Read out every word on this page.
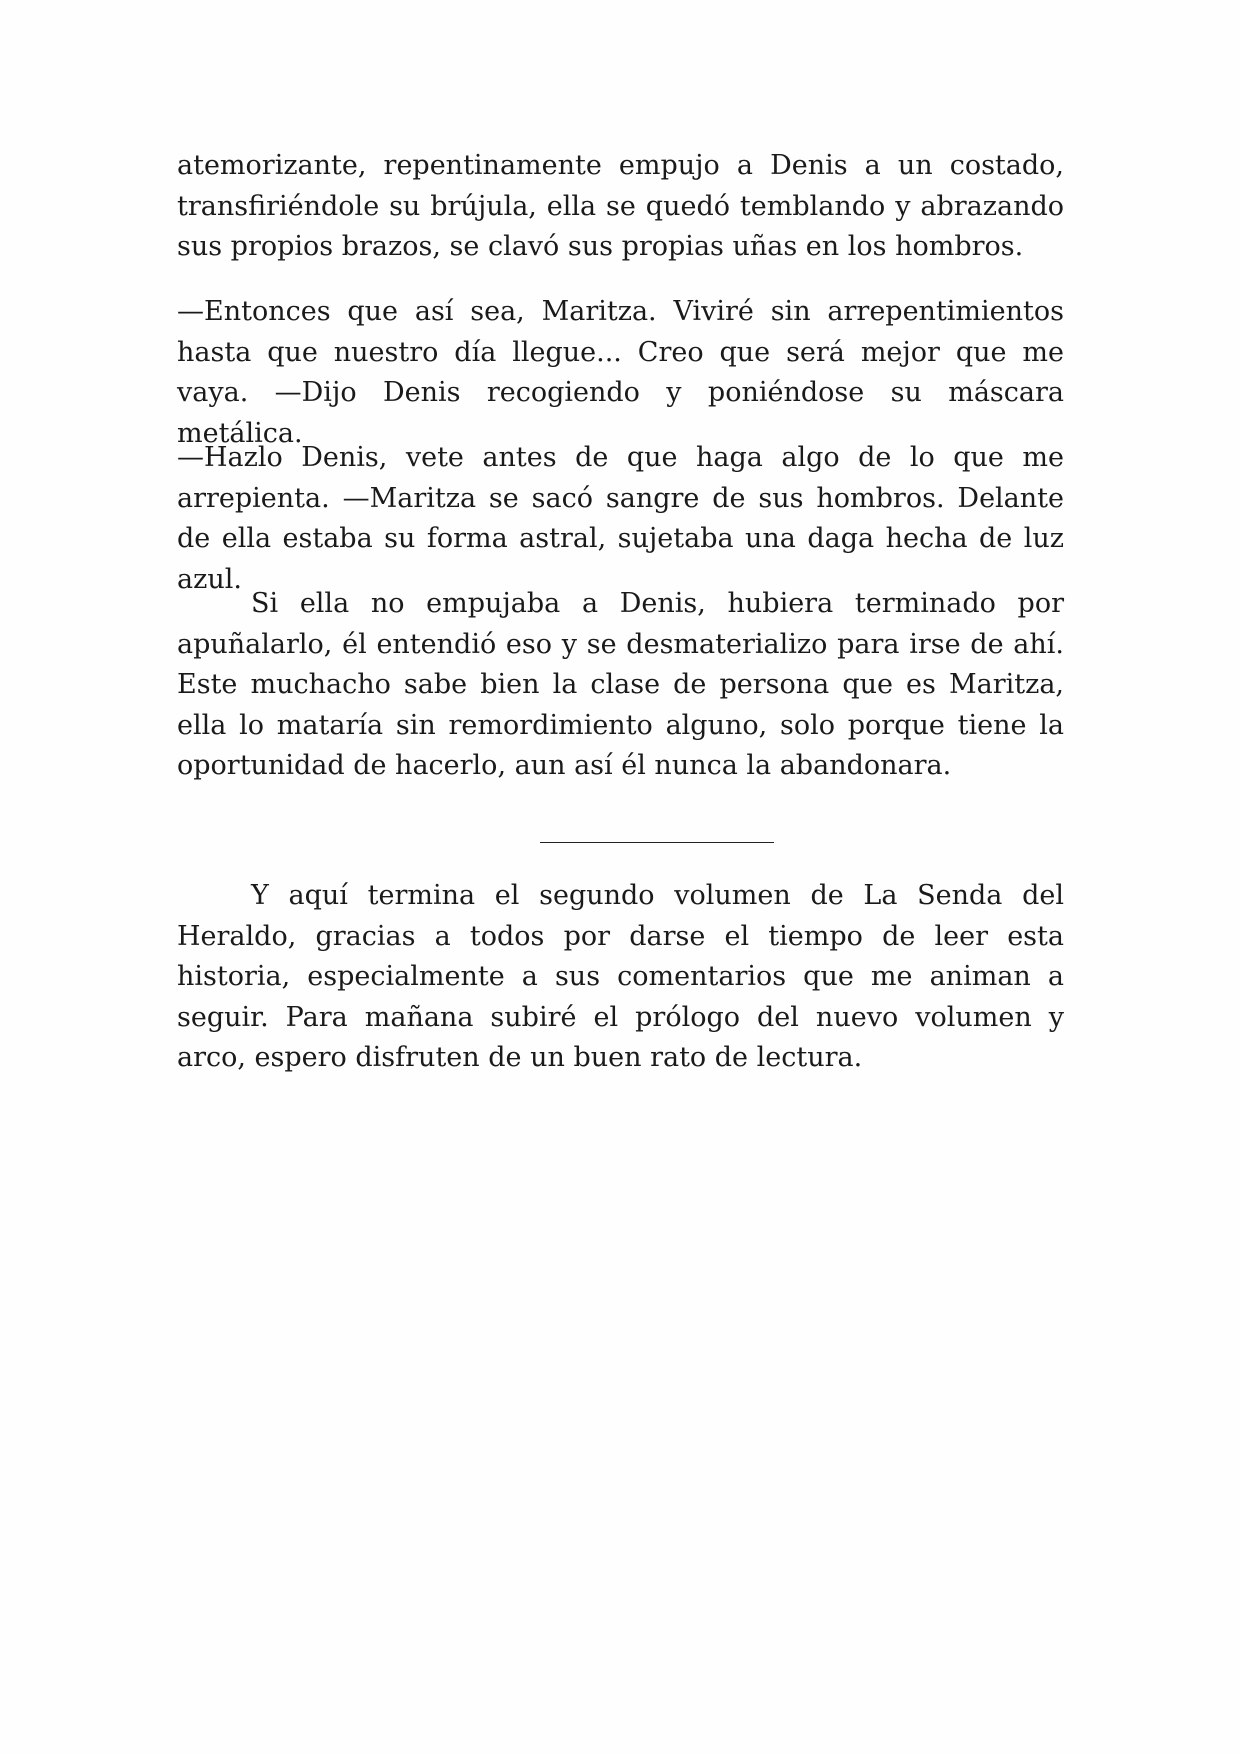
atemorizante, repentinamente empujo a Denis a un costado, transfiriéndole su brújula, ella se quedó temblando y abrazando sus propios brazos, se clavó sus propias uñas en los hombros.

—Entonces que así sea, Maritza. Viviré sin arrepentimientos hasta que nuestro día llegue... Creo que será mejor que me vaya. —Dijo Denis recogiendo y poniéndose su máscara metálica.

—Hazlo Denis, vete antes de que haga algo de lo que me arrepienta. —Maritza se sacó sangre de sus hombros. Delante de ella estaba su forma astral, sujetaba una daga hecha de luz azul.

Si ella no empujaba a Denis, hubiera terminado por apuñalarlo, él entendió eso y se desmaterializo para irse de ahí. Este muchacho sabe bien la clase de persona que es Maritza, ella lo mataría sin remordimiento alguno, solo porque tiene la oportunidad de hacerlo, aun así él nunca la abandonara.

Y aquí termina el segundo volumen de La Senda del Heraldo, gracias a todos por darse el tiempo de leer esta historia, especialmente a sus comentarios que me animan a seguir. Para mañana subiré el prólogo del nuevo volumen y arco, espero disfruten de un buen rato de lectura.
